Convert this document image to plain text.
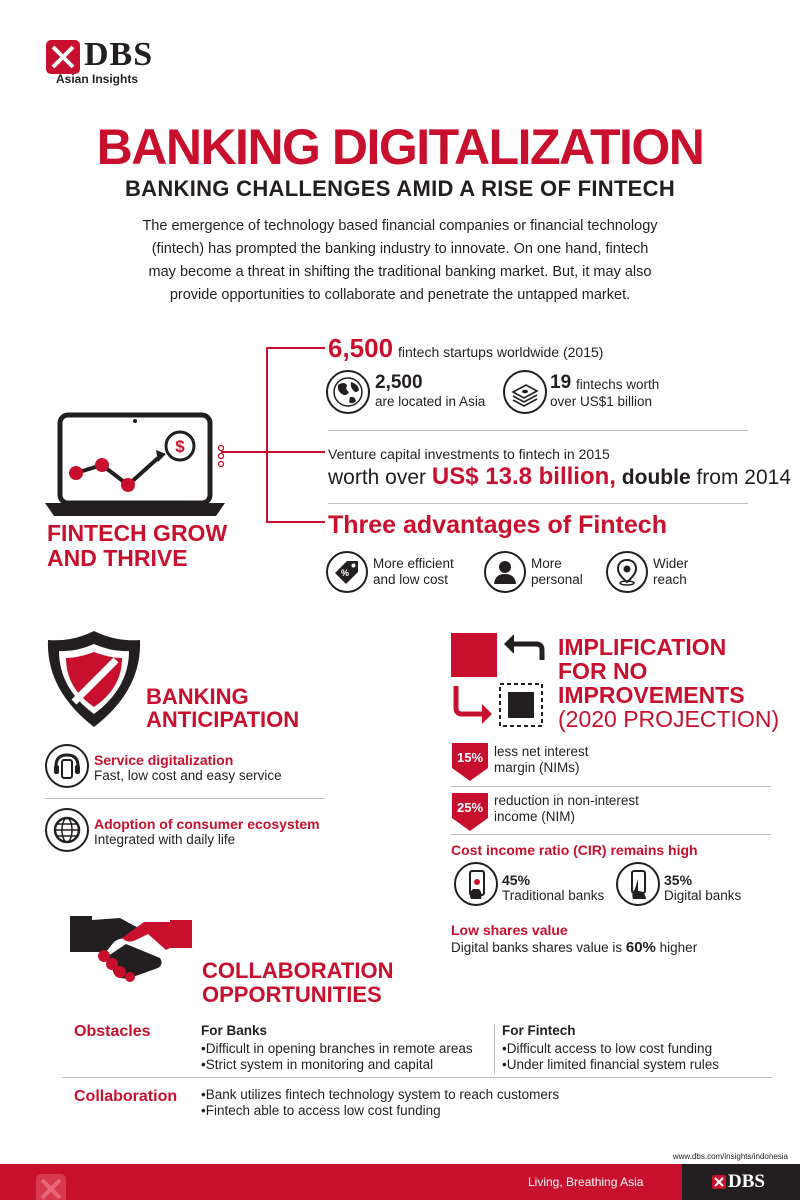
DBS
Asian Insights
BANKING DIGITALIZATION
BANKING CHALLENGES AMID A RISE OF FINTECH
The emergence of technology based financial companies or financial technology
(fintech) has prompted the banking industry to innovate. On one hand, fintech
may become a threat in shifting the traditional banking market. But, it may also
provide opportunities to collaborate and penetrate the untapped market.
$
FINTECH GROW
AND THRIVE
6,500 fintech startups worldwide (2015)
2,500
are located in Asia
19 fintechs worth
over US$1 billion
Venture capital investments to fintech in 2015
worth over US$ 13.8 billion, double from 2014
Three advantages of Fintech
%
More efficient
and low cost
More
personal
Wider
reach
BANKING
ANTICIPATION
Service digitalization
Fast, low cost and easy service
Adoption of consumer ecosystem
Integrated with daily life
IMPLIFICATION
FOR NO
IMPROVEMENTS
(2020 PROJECTION)
15% less net interest
margin (NIMs)
25% reduction in non-interest
income (NIM)
Cost income ratio (CIR) remains high
45%
Traditional banks
35%
Digital banks
Low shares value
Digital banks shares value is 60% higher
COLLABORATION
OPPORTUNITIES
Obstacles	For Banks
•Difficult in opening branches in remote areas
•Strict system in monitoring and capital
For Fintech
•Difficult access to low cost funding
•Under limited financial system rules
Collaboration •Bank utilizes fintech technology system to reach customers
•Fintech able to access low cost funding
www.dbs.com/insights/indonesia
Living, Breathing Asia	DBS
